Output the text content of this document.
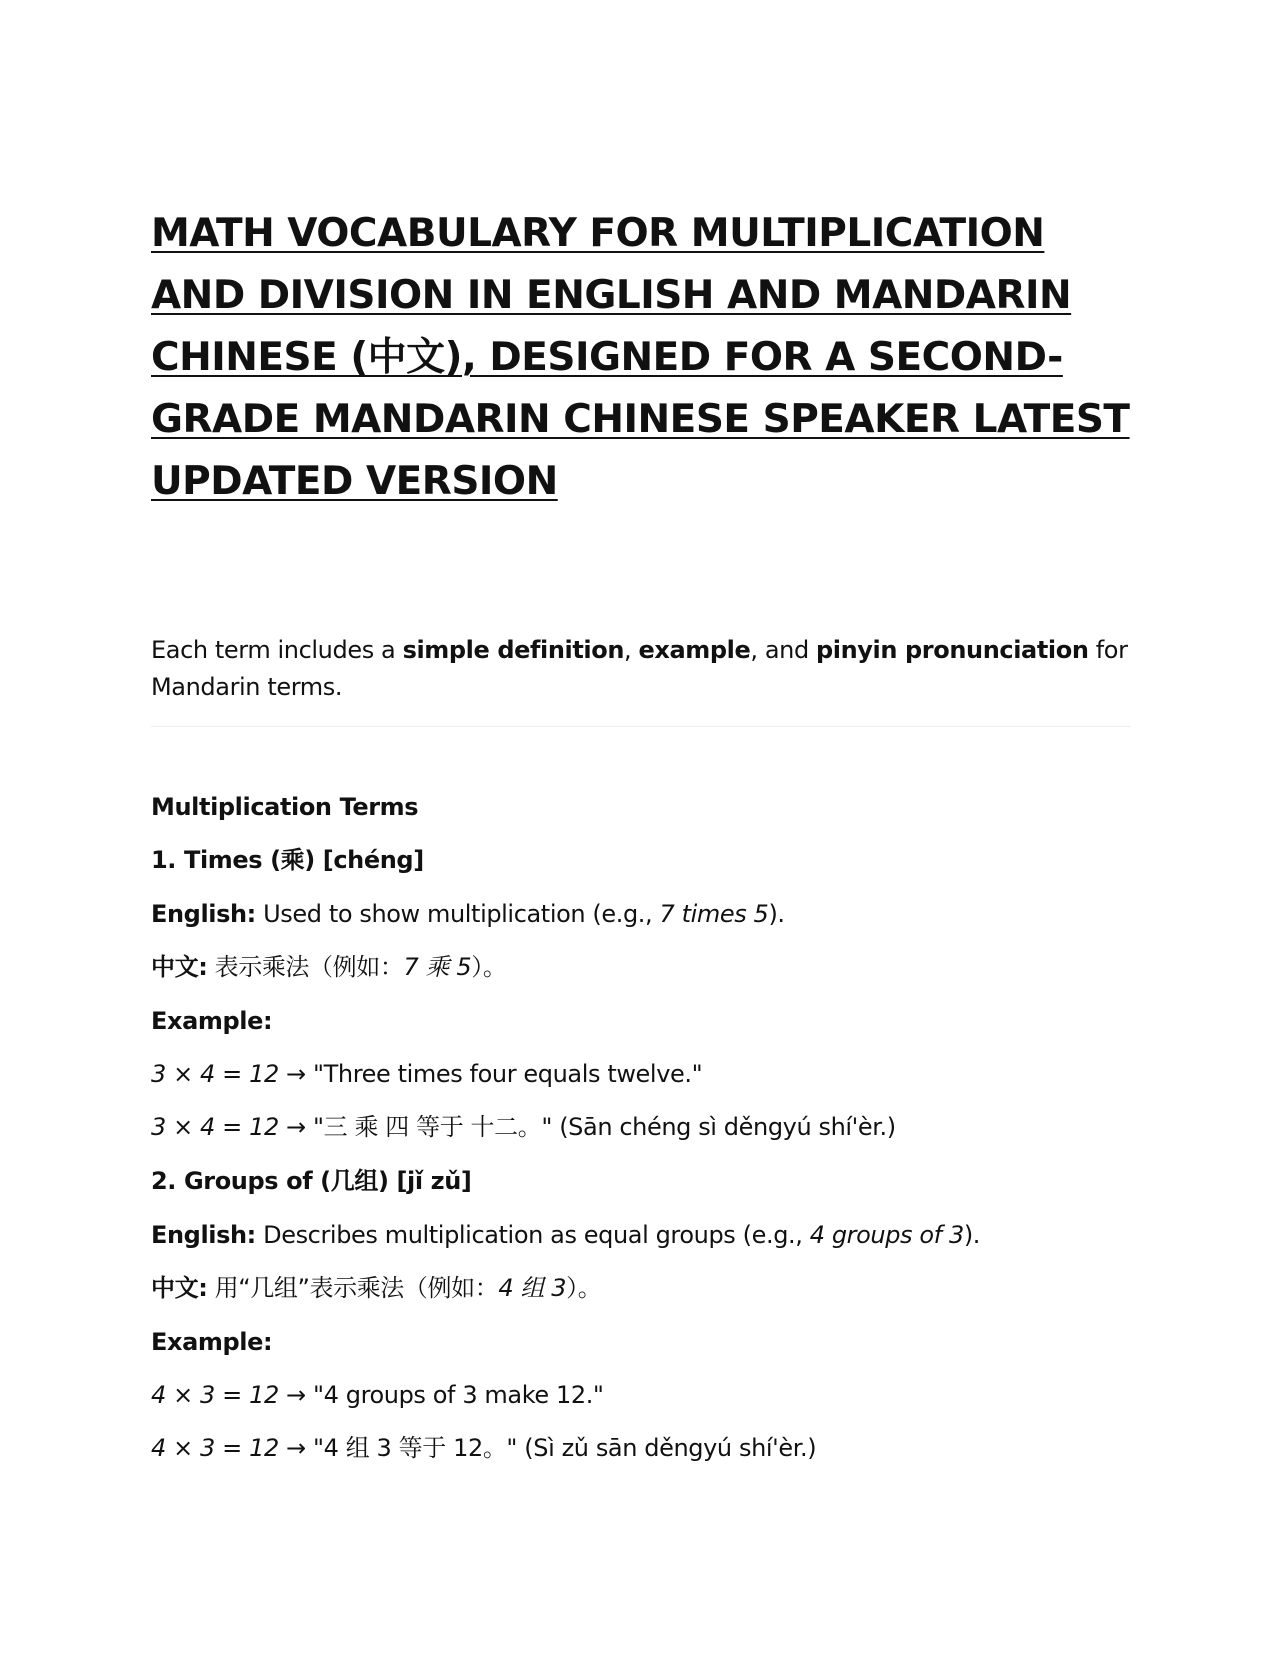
MATH VOCABULARY FOR MULTIPLICATION
AND DIVISION IN ENGLISH AND MANDARIN
CHINESE (中文), DESIGNED FOR A SECOND-
GRADE MANDARIN CHINESE SPEAKER LATEST
UPDATED VERSION

Each term includes a simple definition, example, and pinyin pronunciation for Mandarin terms.

Multiplication Terms
1. Times (乘) [chéng]
English: Used to show multiplication (e.g., 7 times 5).
中文: 表示乘法（例如：7 乘 5）。
Example:
3 × 4 = 12 → "Three times four equals twelve."
3 × 4 = 12 → "三 乘 四 等于 十二。" (Sān chéng sì děngyú shí'èr.)
2. Groups of (几组) [jǐ zǔ]
English: Describes multiplication as equal groups (e.g., 4 groups of 3).
中文: 用“几组”表示乘法（例如：4 组 3）。
Example:
4 × 3 = 12 → "4 groups of 3 make 12."
4 × 3 = 12 → "4 组 3 等于 12。" (Sì zǔ sān děngyú shí'èr.)
